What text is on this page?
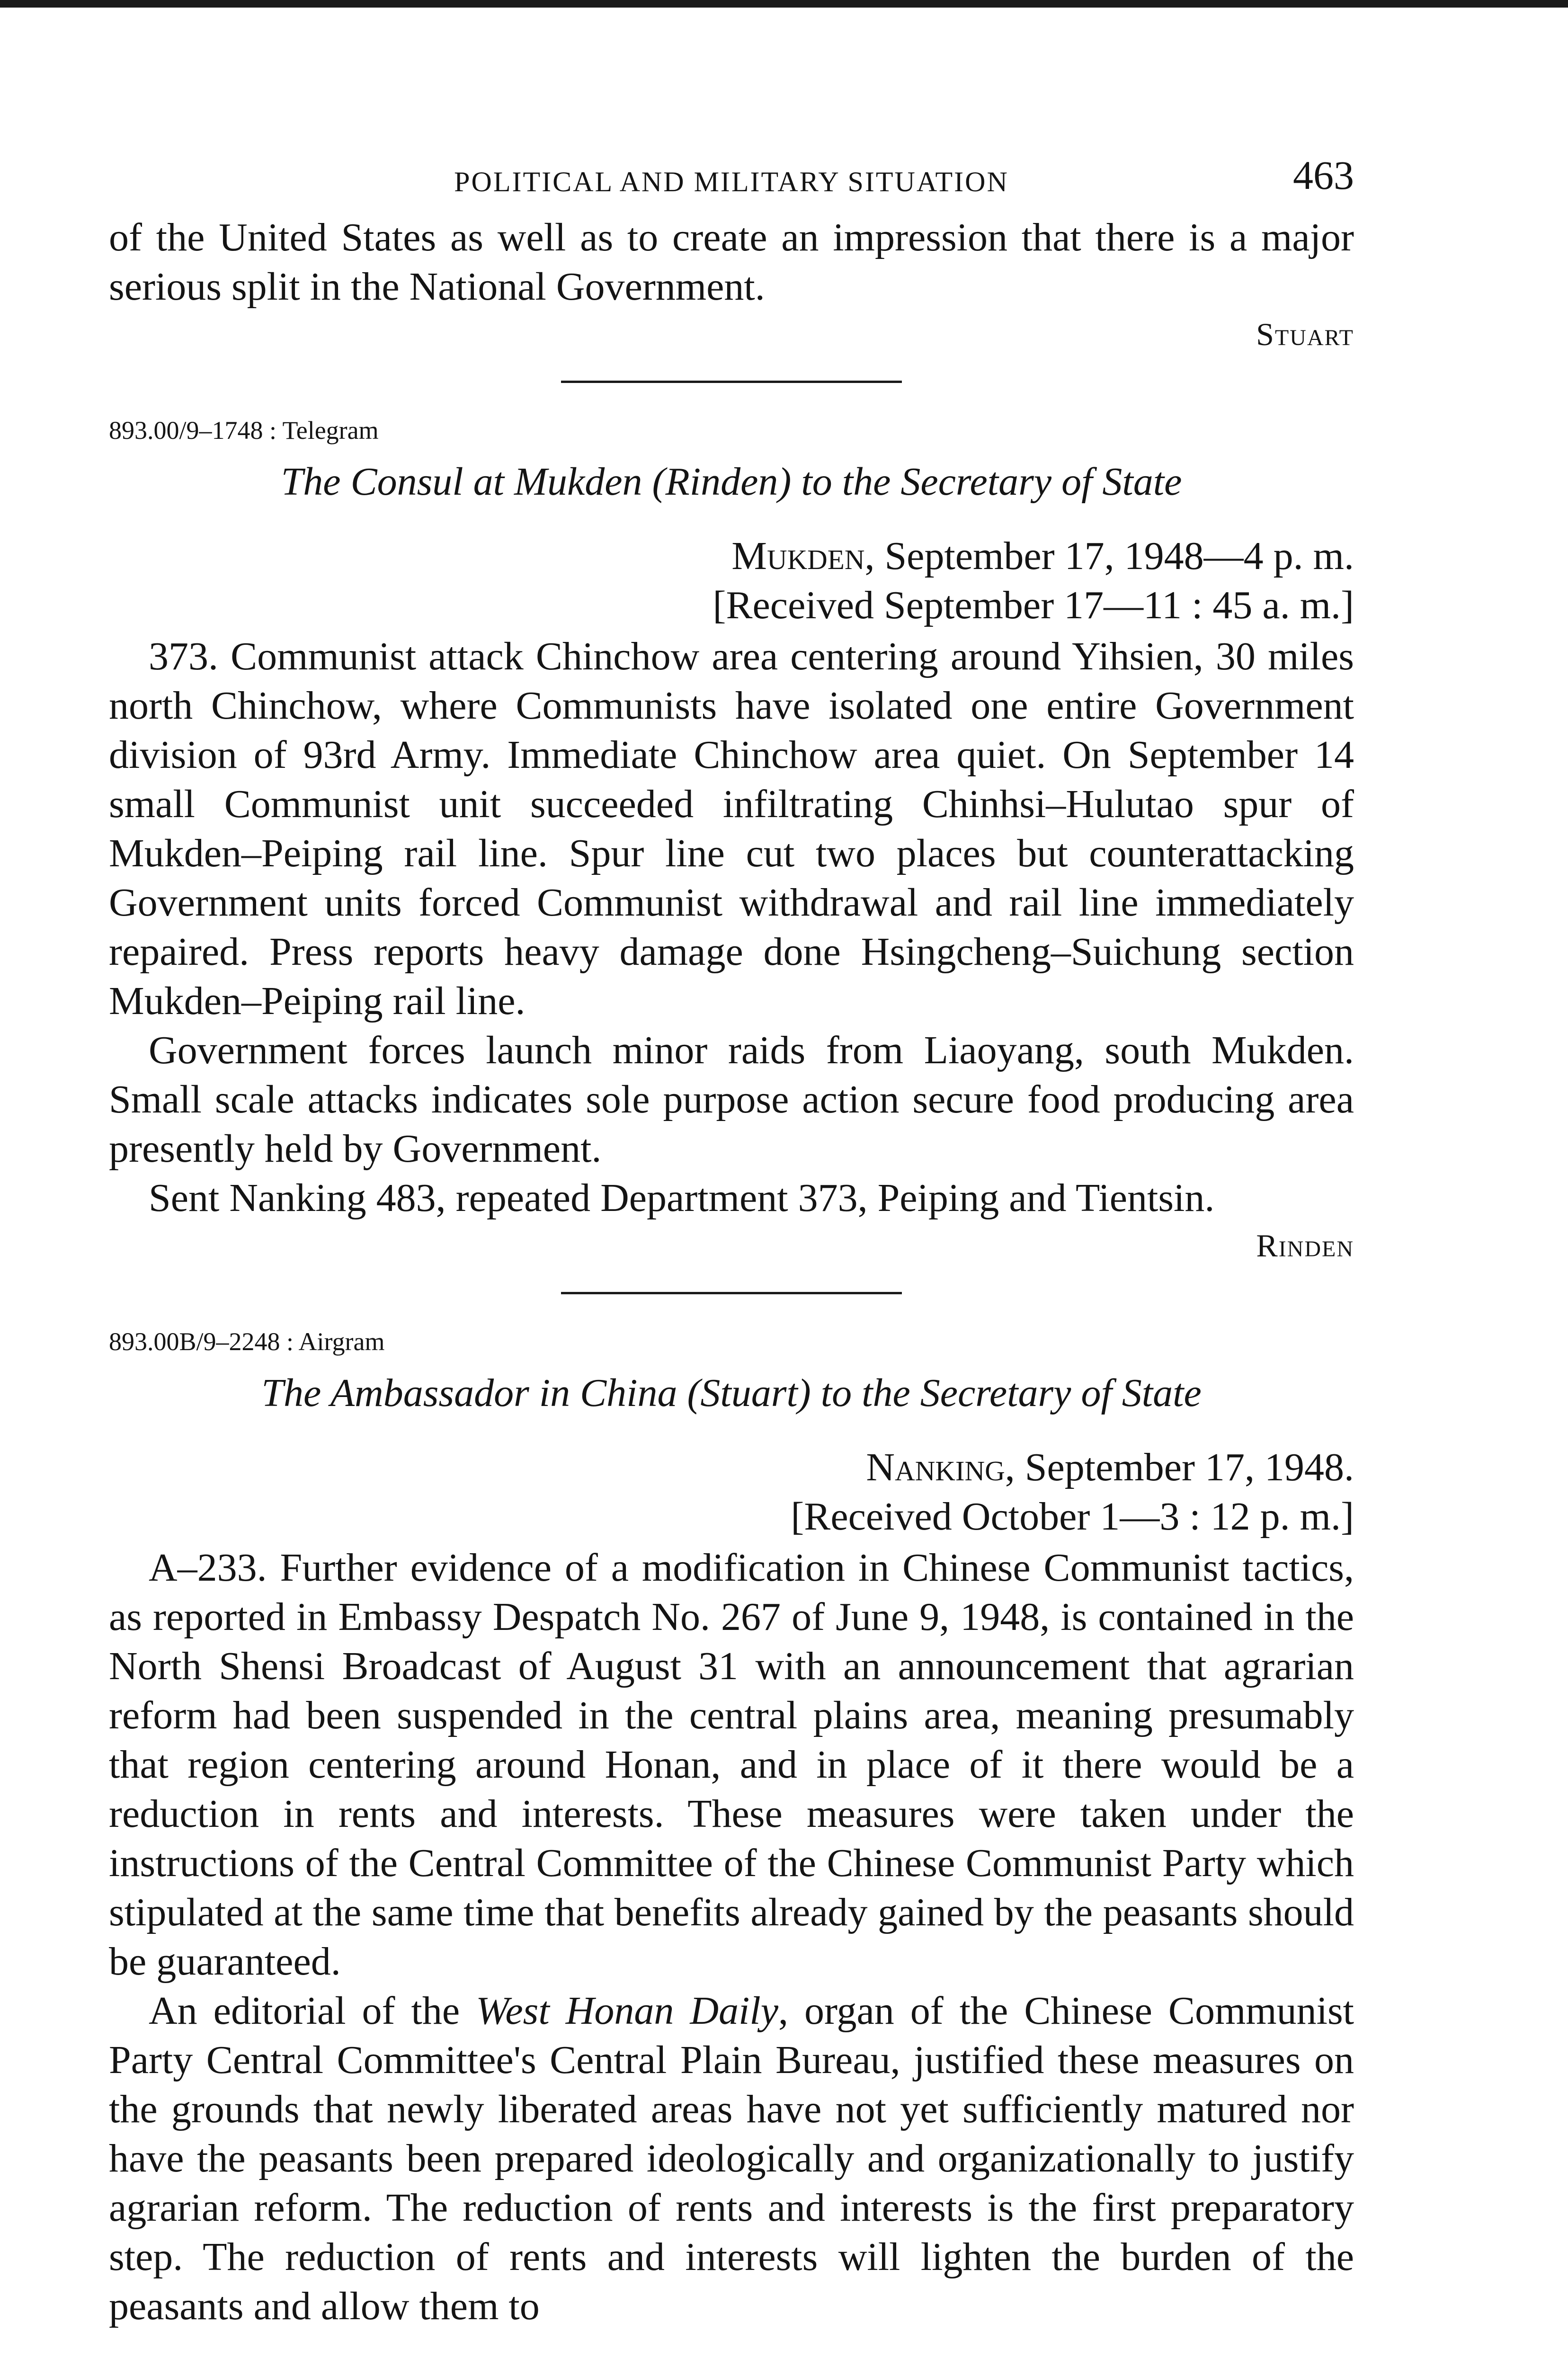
POLITICAL AND MILITARY SITUATION	463

of the United States as well as to create an impression that there is a major serious split in the National Government.

Stuart
893.00/9–1748 : Telegram
The Consul at Mukden (Rinden) to the Secretary of State
Mukden, September 17, 1948—4 p. m.
[Received September 17—11 : 45 a. m.]

373. Communist attack Chinchow area centering around Yihsien, 30 miles north Chinchow, where Communists have isolated one entire Government division of 93rd Army. Immediate Chinchow area quiet. On September 14 small Communist unit succeeded infiltrating Chinhsi–Hulutao spur of Mukden–Peiping rail line. Spur line cut two places but counterattacking Government units forced Communist withdrawal and rail line immediately repaired. Press reports heavy damage done Hsingcheng–Suichung section Mukden–Peiping rail line.

Government forces launch minor raids from Liaoyang, south Mukden. Small scale attacks indicates sole purpose action secure food producing area presently held by Government.

Sent Nanking 483, repeated Department 373, Peiping and Tientsin.

Rinden
893.00B/9–2248 : Airgram
The Ambassador in China (Stuart) to the Secretary of State
Nanking, September 17, 1948.
[Received October 1—3 : 12 p. m.]

A–233. Further evidence of a modification in Chinese Communist tactics, as reported in Embassy Despatch No. 267 of June 9, 1948, is contained in the North Shensi Broadcast of August 31 with an announcement that agrarian reform had been suspended in the central plains area, meaning presumably that region centering around Honan, and in place of it there would be a reduction in rents and interests. These measures were taken under the instructions of the Central Committee of the Chinese Communist Party which stipulated at the same time that benefits already gained by the peasants should be guaranteed.

An editorial of the West Honan Daily, organ of the Chinese Communist Party Central Committee's Central Plain Bureau, justified these measures on the grounds that newly liberated areas have not yet sufficiently matured nor have the peasants been prepared ideologically and organizationally to justify agrarian reform. The reduction of rents and interests is the first preparatory step. The reduction of rents and interests will lighten the burden of the peasants and allow them to
